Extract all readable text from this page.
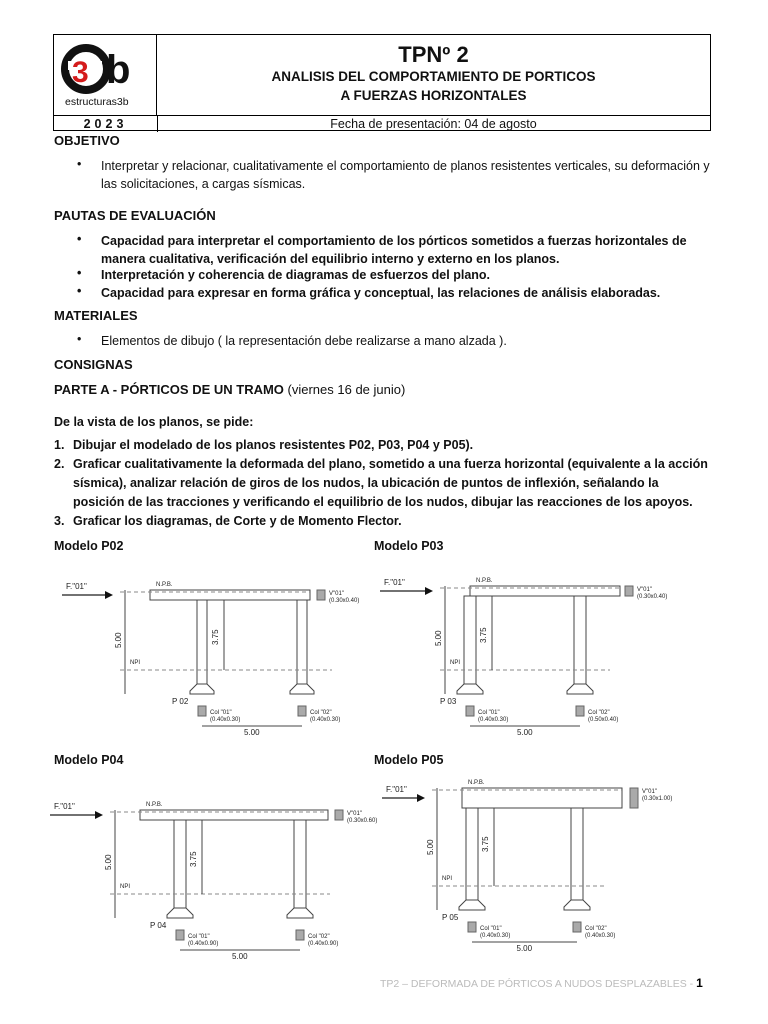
3 b
estructuras3b
TPNº 2
ANALISIS DEL COMPORTAMIENTO DE PORTICOS
A FUERZAS HORIZONTALES
2023	Fecha de presentación: 04 de agosto
OBJETIVO
• Interpretar y relacionar, cualitativamente el comportamiento de planos resistentes verticales, su deformación y las solicitaciones, a cargas sísmicas.
PAUTAS DE EVALUACIÓN
• Capacidad para interpretar el comportamiento de los pórticos sometidos a fuerzas horizontales de manera cualitativa, verificación del equilibrio interno y externo en los planos.
• Interpretación y coherencia de diagramas de esfuerzos del plano.
• Capacidad para expresar en forma gráfica y conceptual, las relaciones de análisis elaboradas.
MATERIALES
• Elementos de dibujo ( la representación debe realizarse a mano alzada ).
CONSIGNAS
PARTE A - PÓRTICOS DE UN TRAMO (viernes 16 de junio)
De la vista de los planos, se pide:
1. Dibujar el modelado de los planos resistentes P02, P03, P04 y P05).
2. Graficar cualitativamente la deformada del plano, sometido a una fuerza horizontal (equivalente a la acción sísmica), analizar relación de giros de los nudos, la ubicación de puntos de inflexión, señalando la posición de las tracciones y verificando el equilibrio de los nudos, dibujar las reacciones de los apoyos.
3. Graficar los diagramas, de Corte y de Momento Flector.
Modelo P02	Modelo P03
Modelo P04	Modelo P05
F."01"	N.P.B.
NPI
5.00	3.75
V"01"
(0.30x0.40)
P 02
Col "01"
(0.40x0.30)
Col "02"
(0.40x0.30)
5.00
F."01"	N.P.B.
NPI
5.00	3.75
V"01"
(0.30x0.40)
P 03
Col "01"
(0.40x0.30)
Col "02"
(0.50x0.40)
5.00
F."01"	N.P.B.
NPI
5.00	3.75
V"01"
(0.30x0.60)
P 04
Col "01"
(0.40x0.90)
Col "02"
(0.40x0.90)
5.00
F."01"
N.P.B.
NPI
5.00	3.75
V"01"
(0.30x1.00)
P 05
Col "01"
(0.40x0.30)
Col "02"
(0.40x0.30)
5.00
TP2 – DEFORMADA DE PÓRTICOS A NUDOS DESPLAZABLES - 1
